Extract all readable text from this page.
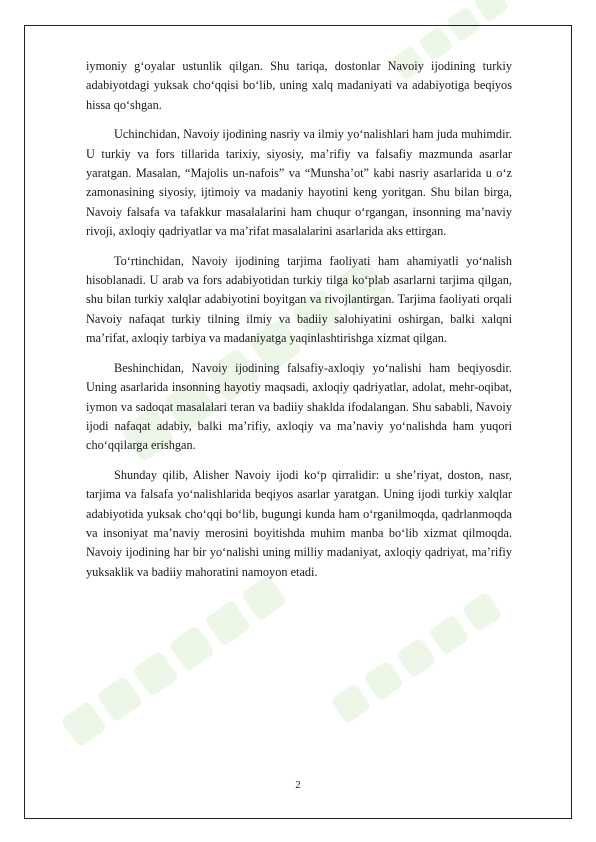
iymoniy g‘oyalar ustunlik qilgan. Shu tariqa, dostonlar Navoiy ijodining turkiy adabiyotdagi yuksak cho‘qqisi bo‘lib, uning xalq madaniyati va adabiyotiga beqiyos hissa qo‘shgan.

Uchinchidan, Navoiy ijodining nasriy va ilmiy yo‘nalishlari ham juda muhimdir. U turkiy va fors tillarida tarixiy, siyosiy, ma’rifiy va falsafiy mazmunda asarlar yaratgan. Masalan, “Majolis un-nafois” va “Munsha’ot” kabi nasriy asarlarida u o‘z zamonasining siyosiy, ijtimoiy va madaniy hayotini keng yoritgan. Shu bilan birga, Navoiy falsafa va tafakkur masalalarini ham chuqur o‘rgangan, insonning ma’naviy rivoji, axloqiy qadriyatlar va ma’rifat masalalarini asarlarida aks ettirgan.

To‘rtinchidan, Navoiy ijodining tarjima faoliyati ham ahamiyatli yo‘nalish hisoblanadi. U arab va fors adabiyotidan turkiy tilga ko‘plab asarlarni tarjima qilgan, shu bilan turkiy xalqlar adabiyotini boyitgan va rivojlantirgan. Tarjima faoliyati orqali Navoiy nafaqat turkiy tilning ilmiy va badiiy salohiyatini oshirgan, balki xalqni ma’rifat, axloqiy tarbiya va madaniyatga yaqinlashtirishga xizmat qilgan.

Beshinchidan, Navoiy ijodining falsafiy-axloqiy yo‘nalishi ham beqiyosdir. Uning asarlarida insonning hayotiy maqsadi, axloqiy qadriyatlar, adolat, mehr-oqibat, iymon va sadoqat masalalari teran va badiiy shaklda ifodalangan. Shu sababli, Navoiy ijodi nafaqat adabiy, balki ma’rifiy, axloqiy va ma’naviy yo‘nalishda ham yuqori cho‘qqilarga erishgan.

Shunday qilib, Alisher Navoiy ijodi ko‘p qirralidir: u she’riyat, doston, nasr, tarjima va falsafa yo‘nalishlarida beqiyos asarlar yaratgan. Uning ijodi turkiy xalqlar adabiyotida yuksak cho‘qqi bo‘lib, bugungi kunda ham o‘rganilmoqda, qadrlanmoqda va insoniyat ma’naviy merosini boyitishda muhim manba bo‘lib xizmat qilmoqda. Navoiy ijodining har bir yo‘nalishi uning milliy madaniyat, axloqiy qadriyat, ma’rifiy yuksaklik va badiiy mahoratini namoyon etadi.

2
